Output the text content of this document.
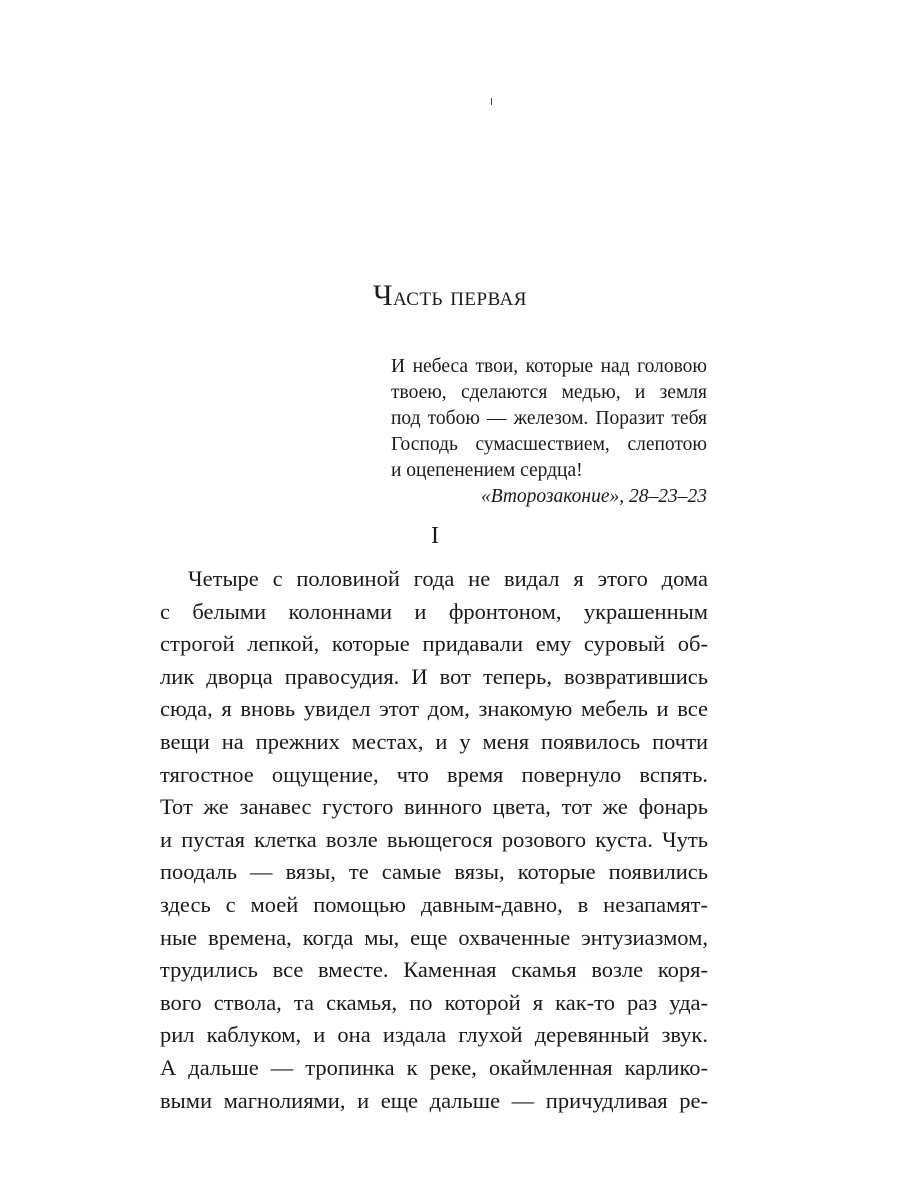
Часть первая
И небеса твои, которые над головою
твоею, сделаются медью, и земля
под тобою — железом. Поразит тебя
Господь сумасшествием, слепотою
и оцепенением сердца!
«Второзаконие», 28–23–23
I
Четыре с половиной года не видал я этого дома
с белыми колоннами и фронтоном, украшенным
строгой лепкой, которые придавали ему суровый об-
лик дворца правосудия. И вот теперь, возвратившись
сюда, я вновь увидел этот дом, знакомую мебель и все
вещи на прежних местах, и у меня появилось почти
тягостное ощущение, что время повернуло вспять.
Тот же занавес густого винного цвета, тот же фонарь
и пустая клетка возле вьющегося розового куста. Чуть
поодаль — вязы, те самые вязы, которые появились
здесь с моей помощью давным-давно, в незапамят-
ные времена, когда мы, еще охваченные энтузиазмом,
трудились все вместе. Каменная скамья возле коря-
вого ствола, та скамья, по которой я как-то раз уда-
рил каблуком, и она издала глухой деревянный звук.
А дальше — тропинка к реке, окаймленная карлико-
выми магнолиями, и еще дальше — причудливая ре-
